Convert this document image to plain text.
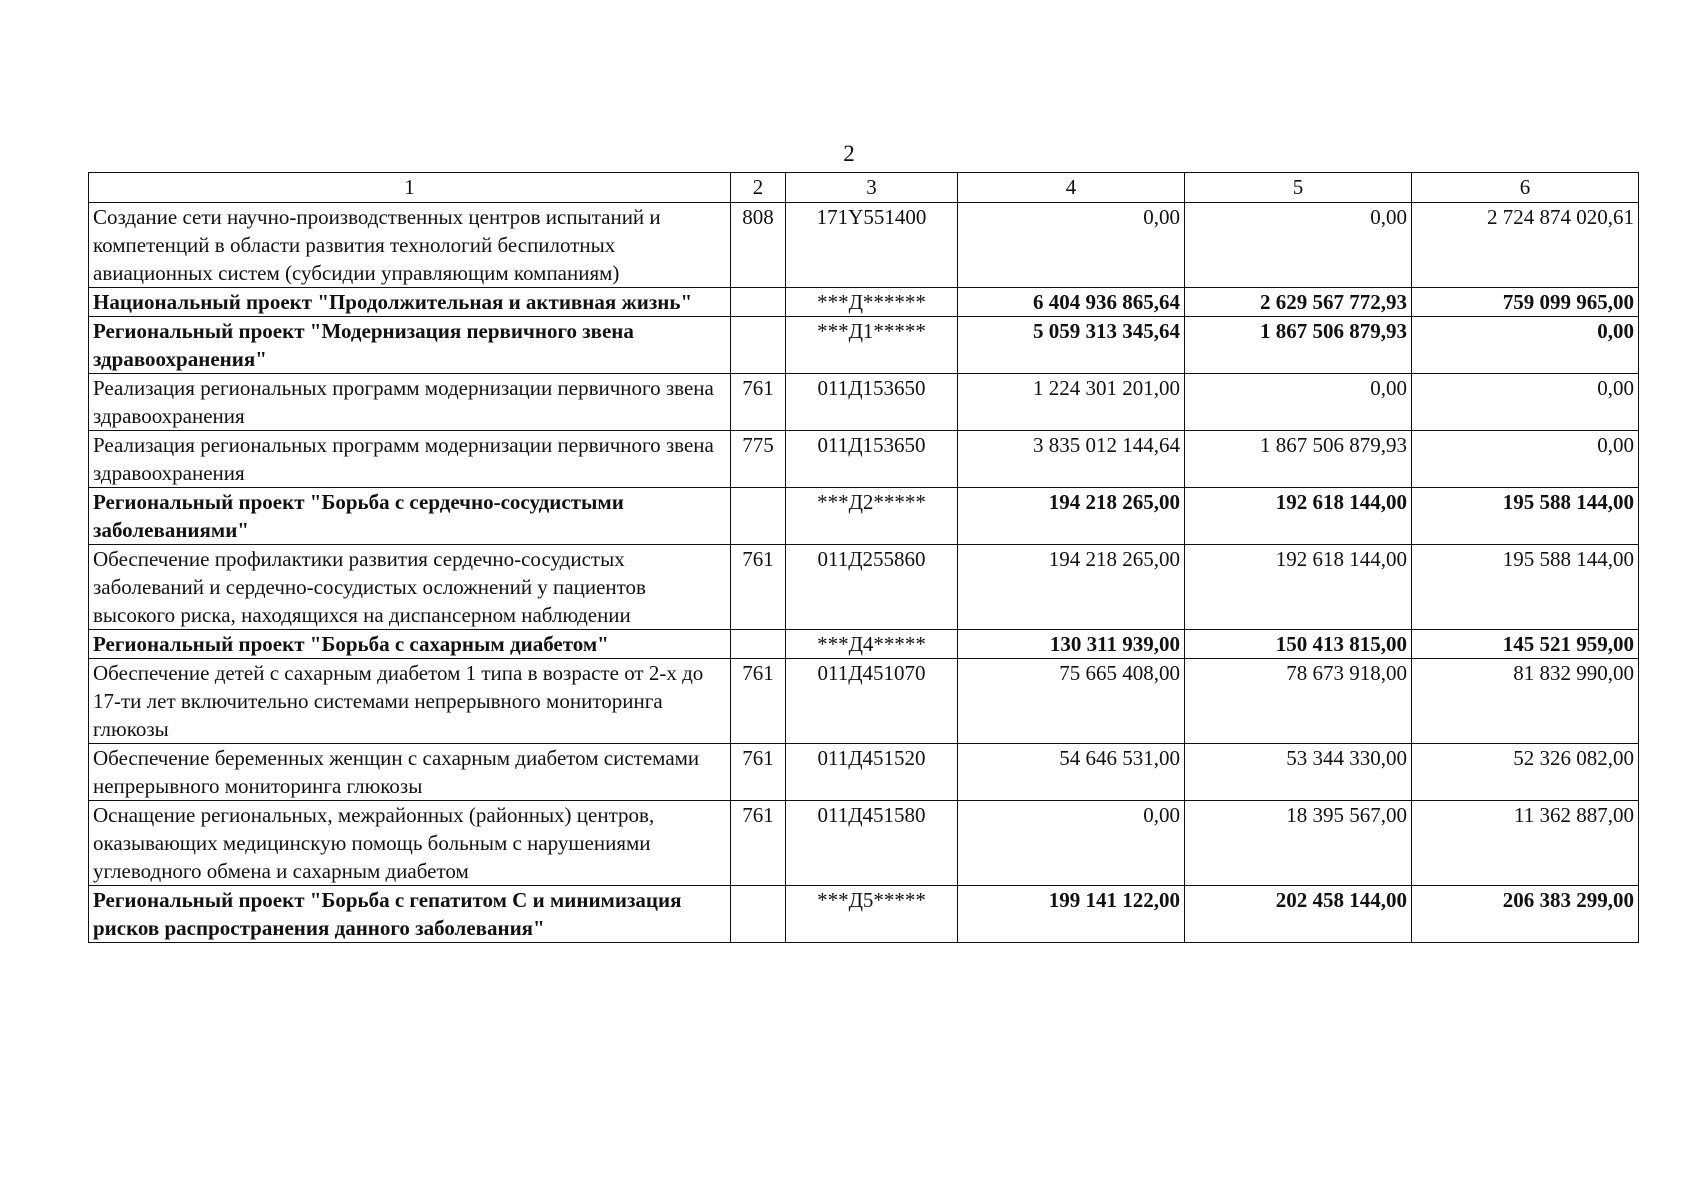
2
1	2	3	4	5	6
Создание сети научно-производственных центров испытаний и компетенций в области развития технологий беспилотных авиационных систем (субсидии управляющим компаниям)	808	171Y551400	0,00	0,00	2 724 874 020,61
Национальный проект "Продолжительная и активная жизнь"		***Д******	6 404 936 865,64	2 629 567 772,93	759 099 965,00
Региональный проект "Модернизация первичного звена здравоохранения"		***Д1*****	5 059 313 345,64	1 867 506 879,93	0,00
Реализация региональных программ модернизации первичного звена здравоохранения	761	011Д153650	1 224 301 201,00	0,00	0,00
Реализация региональных программ модернизации первичного звена здравоохранения	775	011Д153650	3 835 012 144,64	1 867 506 879,93	0,00
Региональный проект "Борьба с сердечно-сосудистыми заболеваниями"		***Д2*****	194 218 265,00	192 618 144,00	195 588 144,00
Обеспечение профилактики развития сердечно-сосудистых заболеваний и сердечно-сосудистых осложнений у пациентов высокого риска, находящихся на диспансерном наблюдении	761	011Д255860	194 218 265,00	192 618 144,00	195 588 144,00
Региональный проект "Борьба с сахарным диабетом"		***Д4*****	130 311 939,00	150 413 815,00	145 521 959,00
Обеспечение детей с сахарным диабетом 1 типа в возрасте от 2-х до 17-ти лет включительно системами непрерывного мониторинга глюкозы	761	011Д451070	75 665 408,00	78 673 918,00	81 832 990,00
Обеспечение беременных женщин с сахарным диабетом системами непрерывного мониторинга глюкозы	761	011Д451520	54 646 531,00	53 344 330,00	52 326 082,00
Оснащение региональных, межрайонных (районных) центров, оказывающих медицинскую помощь больным с нарушениями углеводного обмена и сахарным диабетом	761	011Д451580	0,00	18 395 567,00	11 362 887,00
Региональный проект "Борьба с гепатитом С и минимизация рисков распространения данного заболевания"		***Д5*****	199 141 122,00	202 458 144,00	206 383 299,00
